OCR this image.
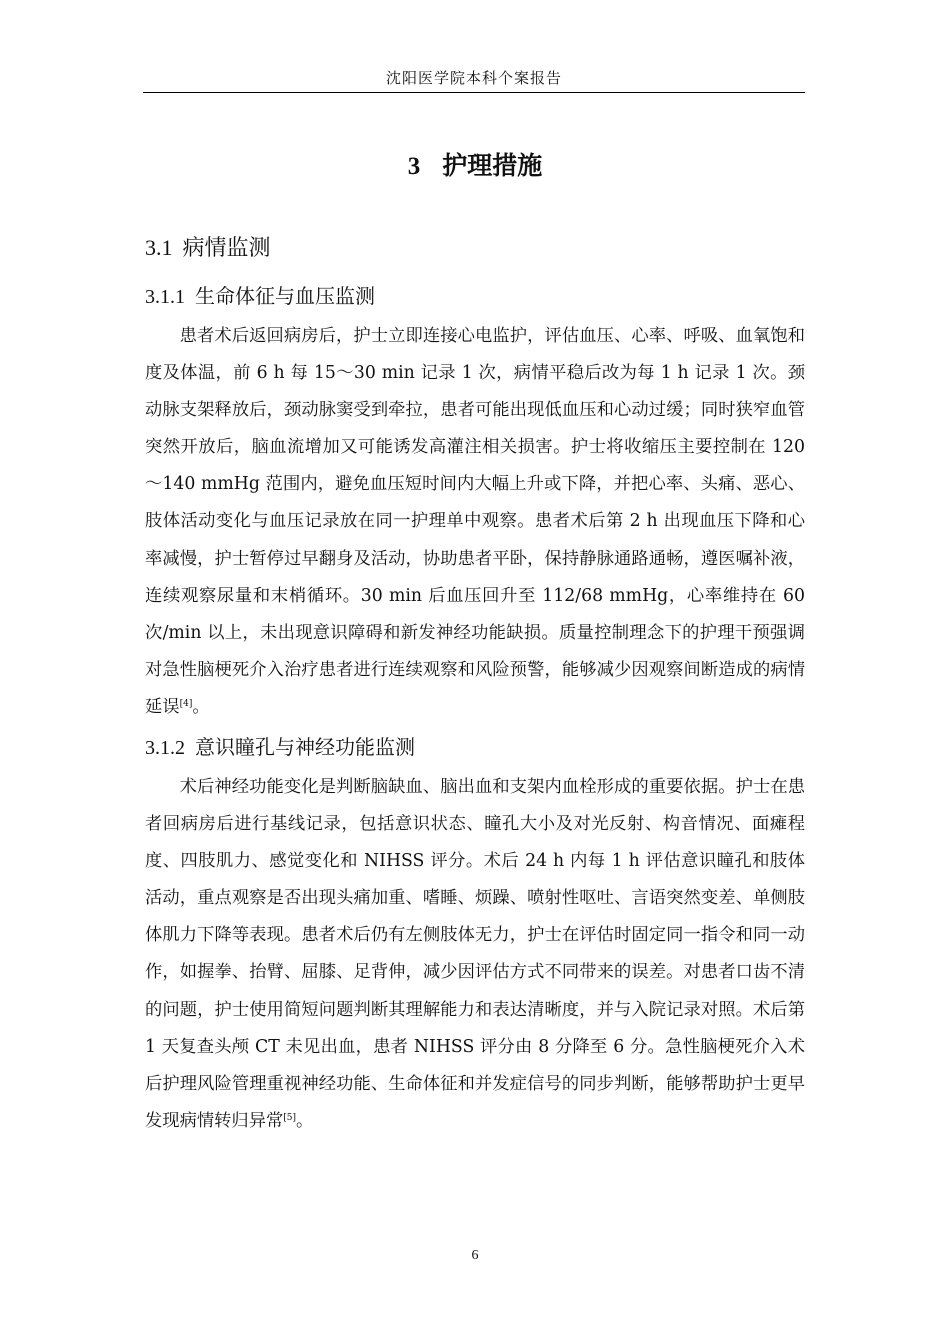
沈阳医学院本科个案报告
3 护理措施
3.1 病情监测
3.1.1 生命体征与血压监测

患者术后返回病房后，护士立即连接心电监护，评估血压、心率、呼吸、血氧饱和度及体温，前 6 h 每 15～30 min 记录 1 次，病情平稳后改为每 1 h 记录 1 次。颈动脉支架释放后，颈动脉窦受到牵拉，患者可能出现低血压和心动过缓；同时狭窄血管突然开放后，脑血流增加又可能诱发高灌注相关损害。护士将收缩压主要控制在 120～140 mmHg 范围内，避免血压短时间内大幅上升或下降，并把心率、头痛、恶心、肢体活动变化与血压记录放在同一护理单中观察。患者术后第 2 h 出现血压下降和心率减慢，护士暂停过早翻身及活动，协助患者平卧，保持静脉通路通畅，遵医嘱补液，连续观察尿量和末梢循环。30 min 后血压回升至 112/68 mmHg，心率维持在 60 次/min 以上，未出现意识障碍和新发神经功能缺损。质量控制理念下的护理干预强调对急性脑梗死介入治疗患者进行连续观察和风险预警，能够减少因观察间断造成的病情延误[4]。

3.1.2 意识瞳孔与神经功能监测

术后神经功能变化是判断脑缺血、脑出血和支架内血栓形成的重要依据。护士在患者回病房后进行基线记录，包括意识状态、瞳孔大小及对光反射、构音情况、面瘫程度、四肢肌力、感觉变化和 NIHSS 评分。术后 24 h 内每 1 h 评估意识瞳孔和肢体活动，重点观察是否出现头痛加重、嗜睡、烦躁、喷射性呕吐、言语突然变差、单侧肢体肌力下降等表现。患者术后仍有左侧肢体无力，护士在评估时固定同一指令和同一动作，如握拳、抬臂、屈膝、足背伸，减少因评估方式不同带来的误差。对患者口齿不清的问题，护士使用简短问题判断其理解能力和表达清晰度，并与入院记录对照。术后第 1 天复查头颅 CT 未见出血，患者 NIHSS 评分由 8 分降至 6 分。急性脑梗死介入术后护理风险管理重视神经功能、生命体征和并发症信号的同步判断，能够帮助护士更早发现病情转归异常[5]。

6
